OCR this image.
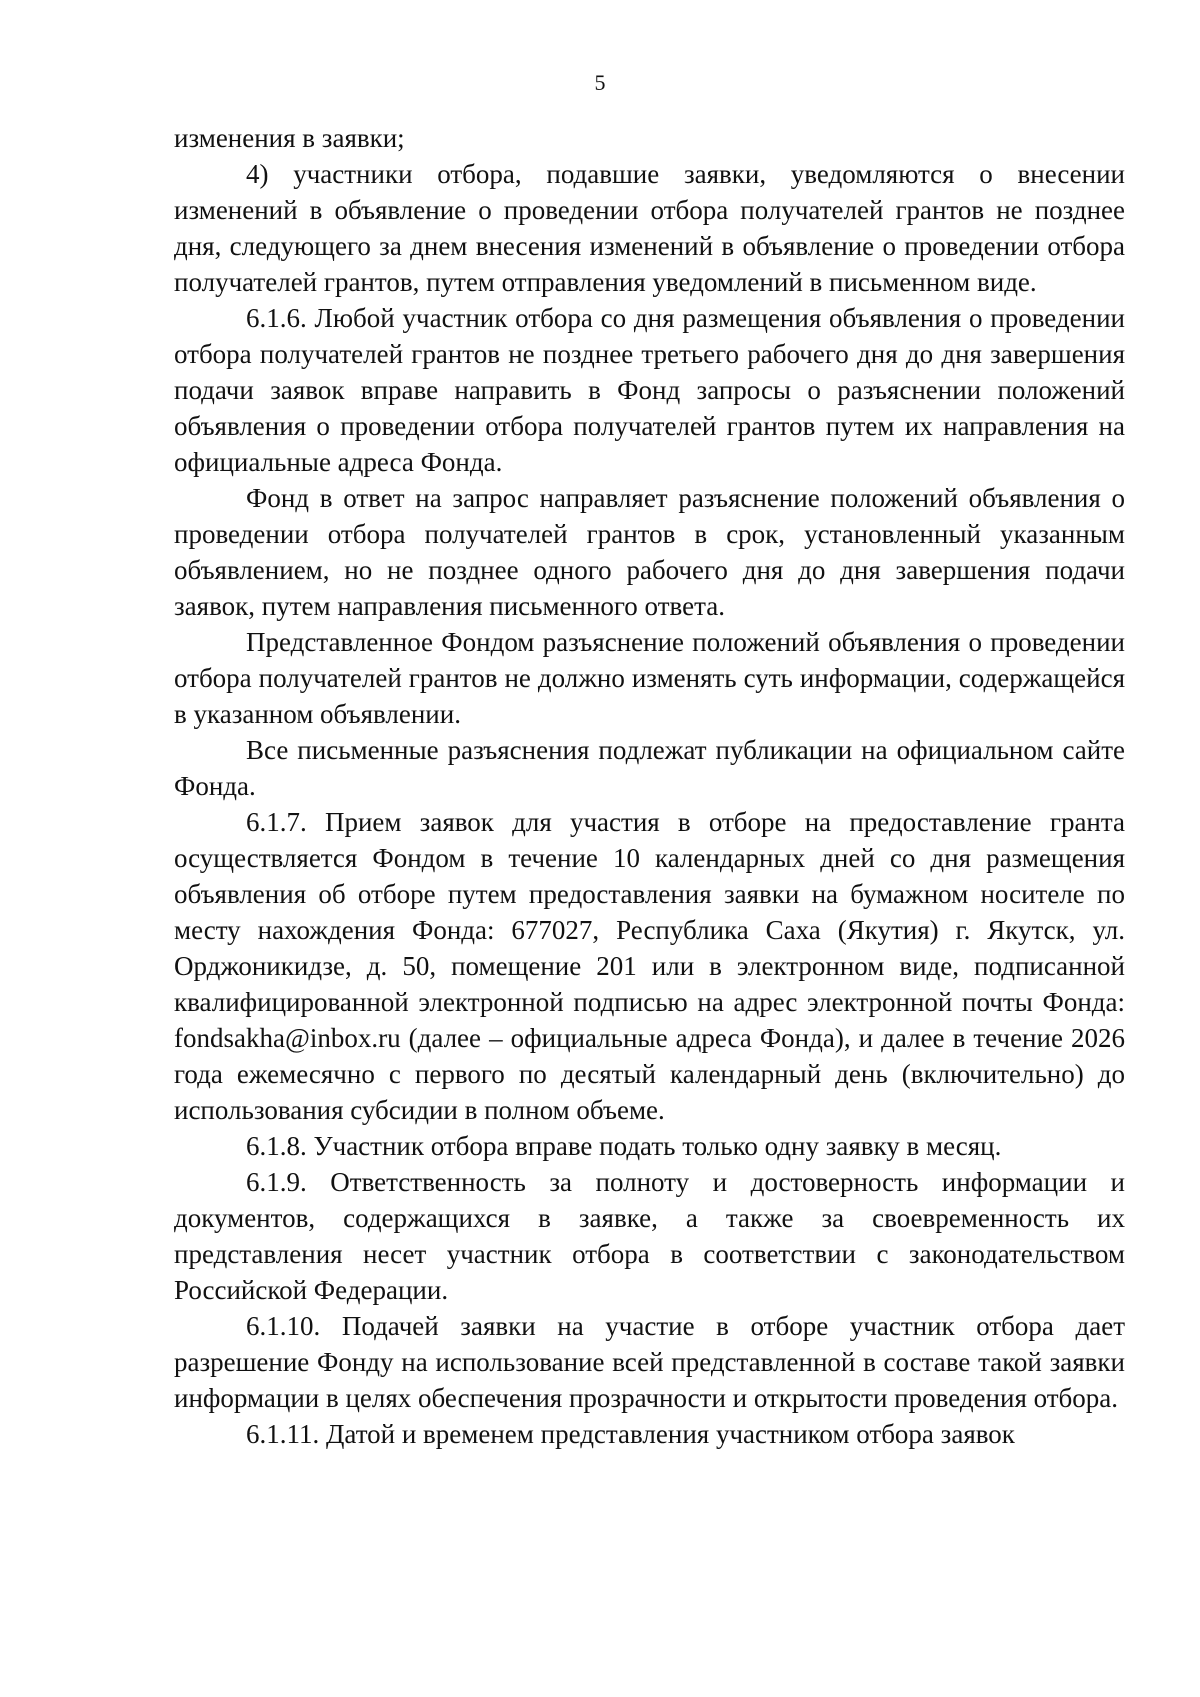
5

изменения в заявки;

4) участники отбора, подавшие заявки, уведомляются о внесении изменений в объявление о проведении отбора получателей грантов не позднее дня, следующего за днем внесения изменений в объявление о проведении отбора получателей грантов, путем отправления уведомлений в письменном виде.

6.1.6. Любой участник отбора со дня размещения объявления о проведении отбора получателей грантов не позднее третьего рабочего дня до дня завершения подачи заявок вправе направить в Фонд запросы о разъяснении положений объявления о проведении отбора получателей грантов путем их направления на официальные адреса Фонда.

Фонд в ответ на запрос направляет разъяснение положений объявления о проведении отбора получателей грантов в срок, установленный указанным объявлением, но не позднее одного рабочего дня до дня завершения подачи заявок, путем направления письменного ответа.

Представленное Фондом разъяснение положений объявления о проведении отбора получателей грантов не должно изменять суть информации, содержащейся в указанном объявлении.

Все письменные разъяснения подлежат публикации на официальном сайте Фонда.

6.1.7. Прием заявок для участия в отборе на предоставление гранта осуществляется Фондом в течение 10 календарных дней со дня размещения объявления об отборе путем предоставления заявки на бумажном носителе по месту нахождения Фонда: 677027, Республика Саха (Якутия) г. Якутск, ул. Орджоникидзе, д. 50, помещение 201 или в электронном виде, подписанной квалифицированной электронной подписью на адрес электронной почты Фонда: fondsakha@inbox.ru (далее – официальные адреса Фонда), и далее в течение 2026 года ежемесячно с первого по десятый календарный день (включительно) до использования субсидии в полном объеме.

6.1.8. Участник отбора вправе подать только одну заявку в месяц.

6.1.9. Ответственность за полноту и достоверность информации и документов, содержащихся в заявке, а также за своевременность их представления несет участник отбора в соответствии с законодательством Российской Федерации.

6.1.10. Подачей заявки на участие в отборе участник отбора дает разрешение Фонду на использование всей представленной в составе такой заявки информации в целях обеспечения прозрачности и открытости проведения отбора.

6.1.11. Датой и временем представления участником отбора заявок
